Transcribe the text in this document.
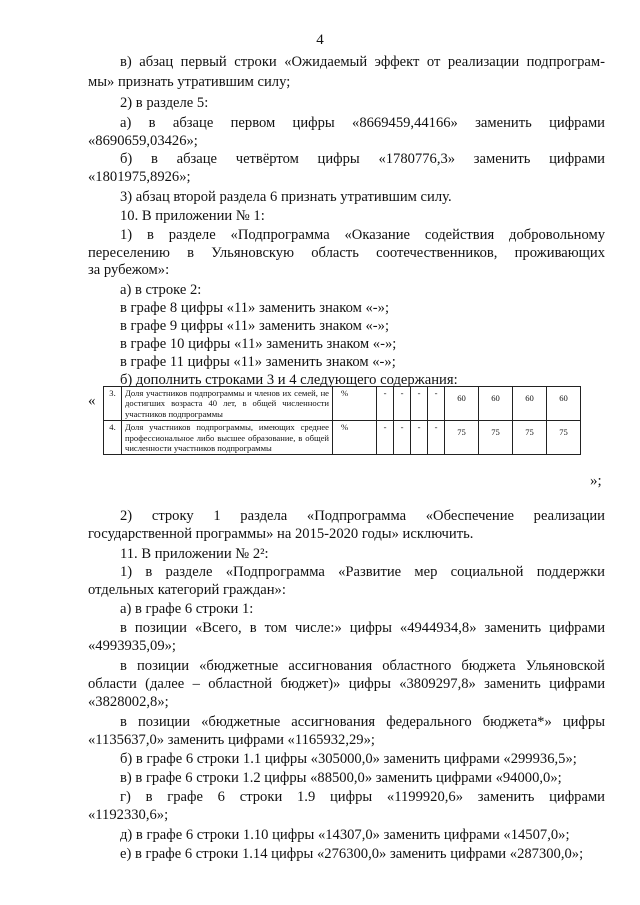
4
в) абзац первый строки «Ожидаемый эффект от реализации подпрограм-
мы» признать утратившим силу;
2) в разделе 5:
а) в абзаце первом цифры «8669459,44166» заменить цифрами
«8690659,03426»;
б) в абзаце четвёртом цифры «1780776,3» заменить цифрами
«1801975,8926»;
3) абзац второй раздела 6 признать утратившим силу.
10. В приложении № 1:
1) в разделе «Подпрограмма «Оказание содействия добровольному
переселению в Ульяновскую область соотечественников, проживающих
за рубежом»:
а) в строке 2:
в графе 8 цифры «11» заменить знаком «-»;
в графе 9 цифры «11» заменить знаком «-»;
в графе 10 цифры «11» заменить знаком «-»;
в графе 11 цифры «11» заменить знаком «-»;
б) дополнить строками 3 и 4 следующего содержания:
« 3.	Доля участников подпрограммы и членов их семей, не достигших возраста 40 лет, в общей численности участников подпрограммы	%	-	-	-	-	60	60	60	60
4.	Доля участников подпрограммы, имеющих среднее профессиональное либо высшее образование, в общей численности участников подпрограммы	%	-	-	-	-	75	75	75	75
»;
2) строку 1 раздела «Подпрограмма «Обеспечение реализации
государственной программы» на 2015-2020 годы» исключить.
11. В приложении № 2²:
1) в разделе «Подпрограмма «Развитие мер социальной поддержки
отдельных категорий граждан»:
а) в графе 6 строки 1:
в позиции «Всего, в том числе:» цифры «4944934,8» заменить цифрами
«4993935,09»;
в позиции «бюджетные ассигнования областного бюджета Ульяновской
области (далее – областной бюджет)» цифры «3809297,8» заменить цифрами
«3828002,8»;
в позиции «бюджетные ассигнования федерального бюджета*» цифры
«1135637,0» заменить цифрами «1165932,29»;
б) в графе 6 строки 1.1 цифры «305000,0» заменить цифрами «299936,5»;
в) в графе 6 строки 1.2 цифры «88500,0» заменить цифрами «94000,0»;
г) в графе 6 строки 1.9 цифры «1199920,6» заменить цифрами
«1192330,6»;
д) в графе 6 строки 1.10 цифры «14307,0» заменить цифрами «14507,0»;
е) в графе 6 строки 1.14 цифры «276300,0» заменить цифрами «287300,0»;
